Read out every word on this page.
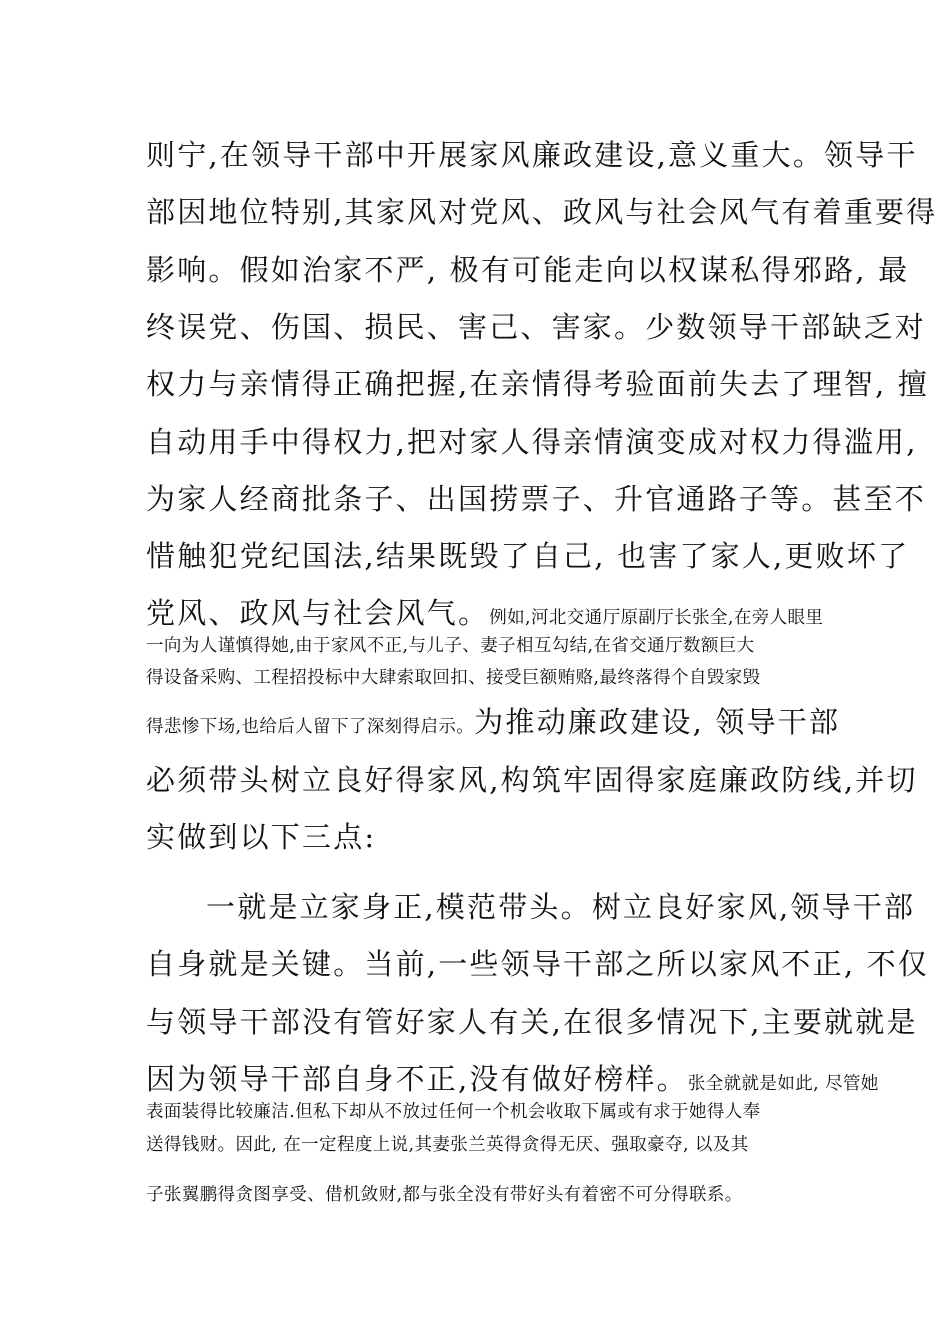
则宁,在领导干部中开展家风廉政建设,意义重大。领导干
部因地位特别,其家风对党风、政风与社会风气有着重要得
影响。假如治家不严, 极有可能走向以权谋私得邪路, 最
终误党、伤国、损民、害己、害家。少数领导干部缺乏对
权力与亲情得正确把握,在亲情得考验面前失去了理智, 擅
自动用手中得权力,把对家人得亲情演变成对权力得滥用,
为家人经商批条子、出国捞票子、升官通路子等。甚至不
惜触犯党纪国法,结果既毁了自己, 也害了家人,更败坏了
党风、政风与社会风气。例如,河北交通厅原副厅长张全,在旁人眼里
一向为人谨慎得她,由于家风不正,与儿子、妻子相互勾结,在省交通厅数额巨大
得设备采购、工程招投标中大肆索取回扣、接受巨额贿赂,最终落得个自毁家毁
得悲惨下场,也给后人留下了深刻得启示。为推动廉政建设, 领导干部
必须带头树立良好得家风,构筑牢固得家庭廉政防线,并切
实做到以下三点:
一就是立家身正,模范带头。树立良好家风,领导干部
自身就是关键。当前,一些领导干部之所以家风不正, 不仅
与领导干部没有管好家人有关,在很多情况下,主要就就是
因为领导干部自身不正,没有做好榜样。张全就就是如此, 尽管她
表面装得比较廉洁.但私下却从不放过任何一个机会收取下属或有求于她得人奉
送得钱财。因此, 在一定程度上说,其妻张兰英得贪得无厌、强取豪夺, 以及其
子张翼鹏得贪图享受、借机敛财,都与张全没有带好头有着密不可分得联系。
